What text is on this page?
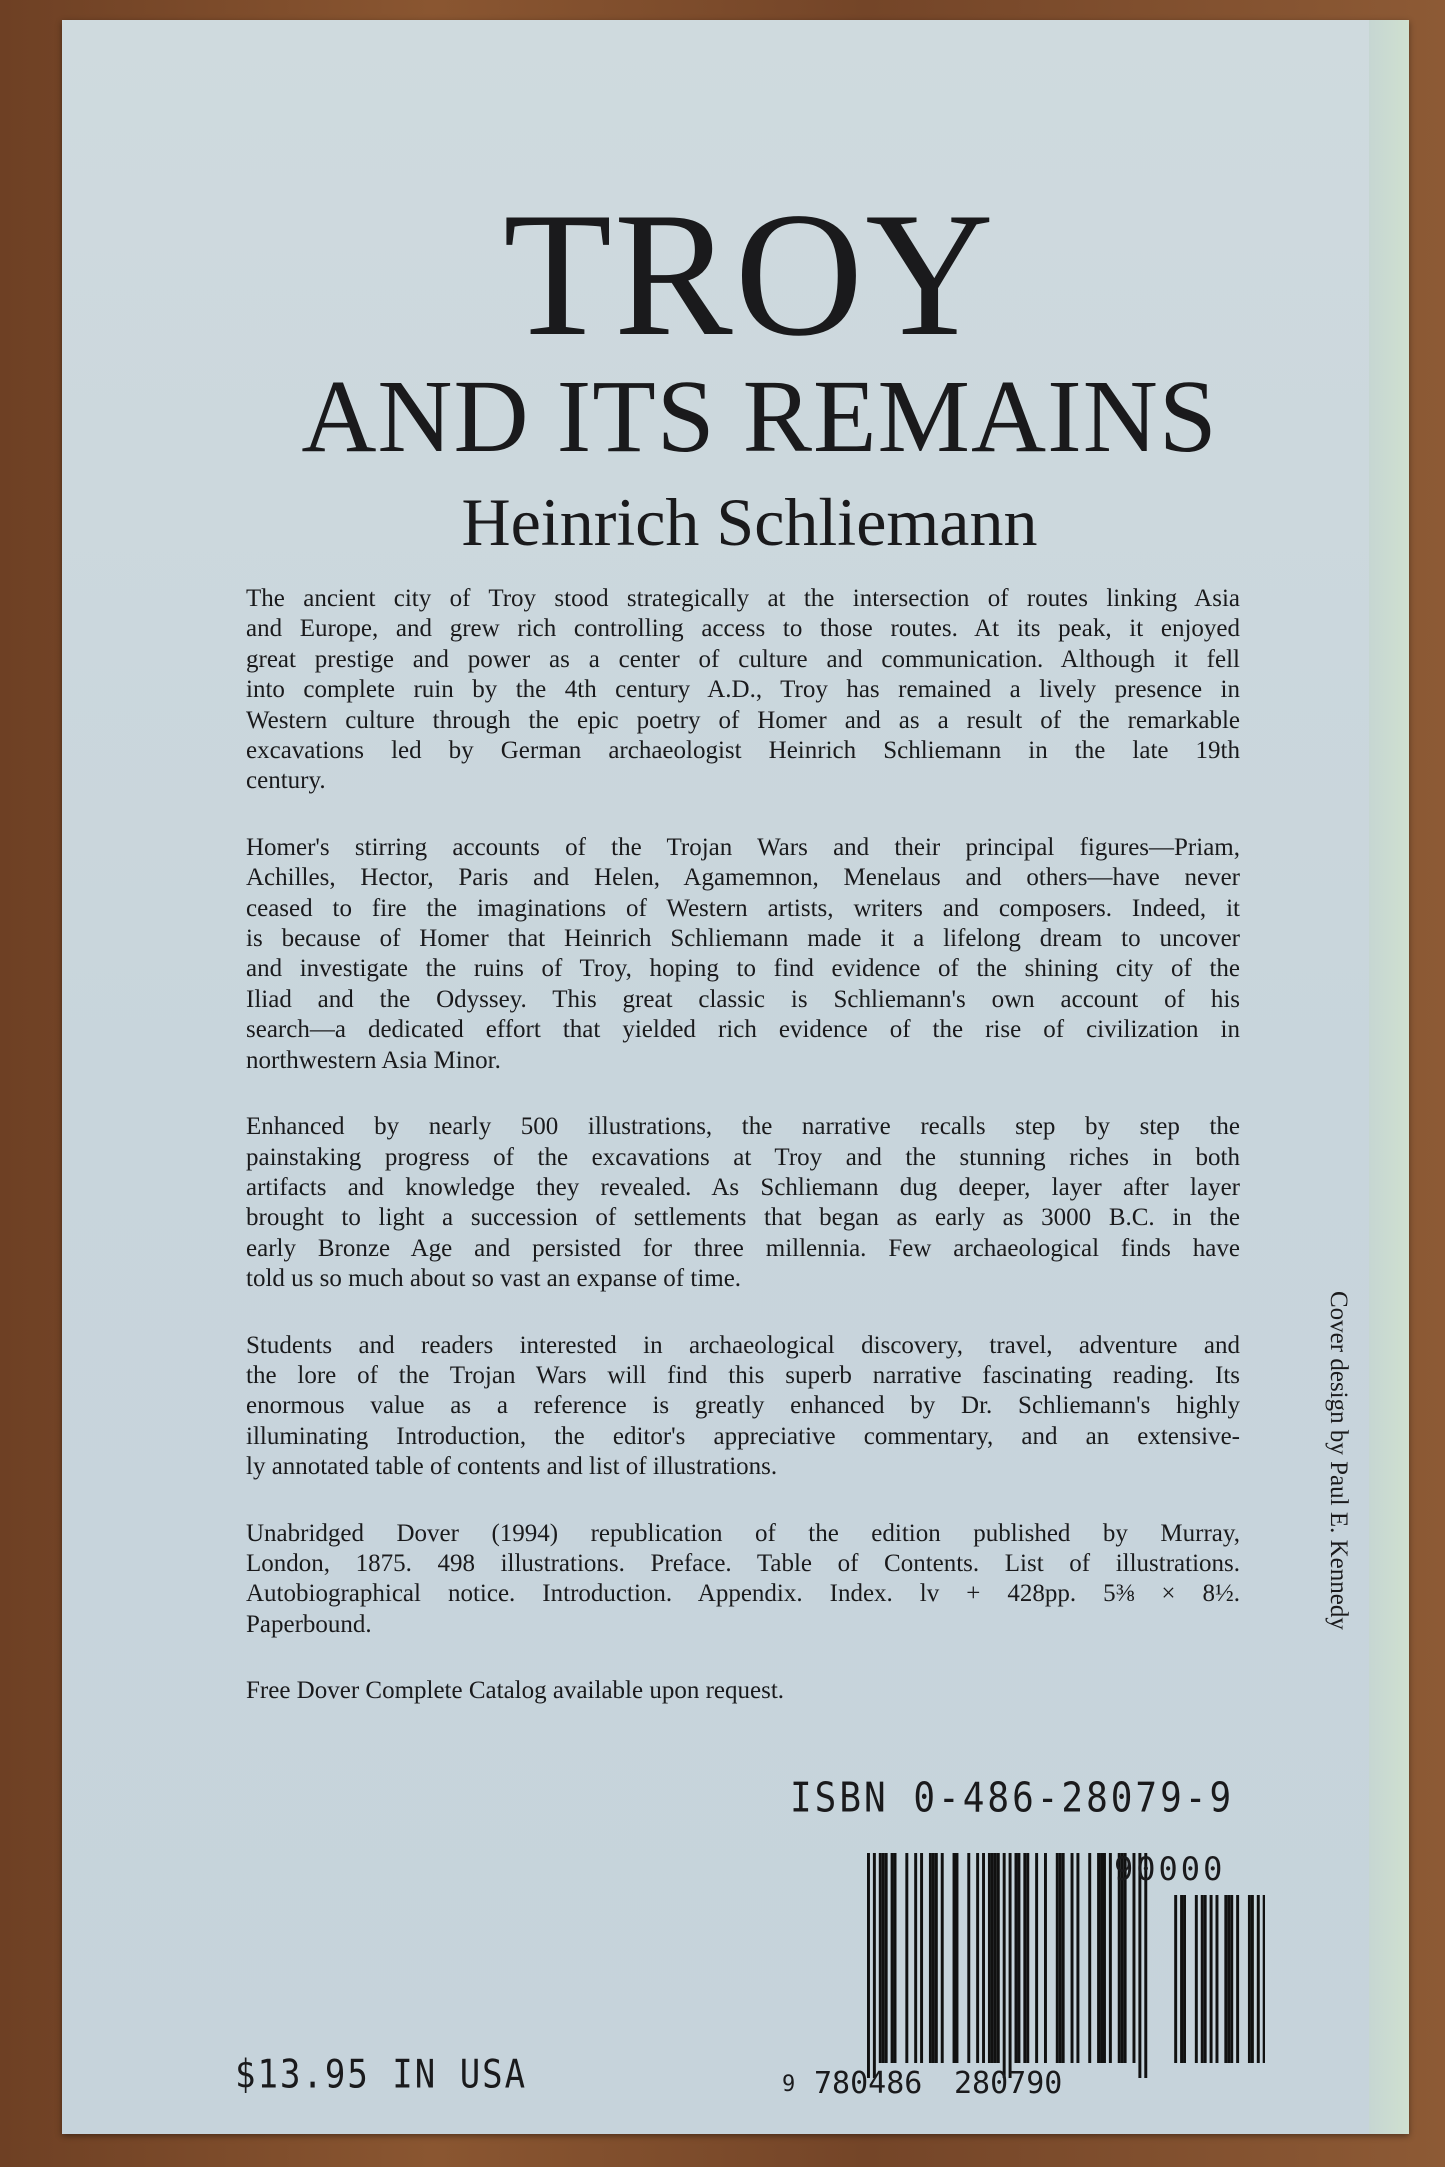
TROY
AND ITS REMAINS
Heinrich Schliemann
The ancient city of Troy stood strategically at the intersection of routes linking Asia
and Europe, and grew rich controlling access to those routes. At its peak, it enjoyed
great prestige and power as a center of culture and communication. Although it fell
into complete ruin by the 4th century A.D., Troy has remained a lively presence in
Western culture through the epic poetry of Homer and as a result of the remarkable
excavations led by German archaeologist Heinrich Schliemann in the late 19th
century.
Homer's stirring accounts of the Trojan Wars and their principal figures—Priam,
Achilles, Hector, Paris and Helen, Agamemnon, Menelaus and others—have never
ceased to fire the imaginations of Western artists, writers and composers. Indeed, it
is because of Homer that Heinrich Schliemann made it a lifelong dream to uncover
and investigate the ruins of Troy, hoping to find evidence of the shining city of the
Iliad and the Odyssey. This great classic is Schliemann's own account of his
search—a dedicated effort that yielded rich evidence of the rise of civilization in
northwestern Asia Minor.
Enhanced by nearly 500 illustrations, the narrative recalls step by step the
painstaking progress of the excavations at Troy and the stunning riches in both
artifacts and knowledge they revealed. As Schliemann dug deeper, layer after layer
brought to light a succession of settlements that began as early as 3000 B.C. in the
early Bronze Age and persisted for three millennia. Few archaeological finds have
told us so much about so vast an expanse of time.
Students and readers interested in archaeological discovery, travel, adventure and
the lore of the Trojan Wars will find this superb narrative fascinating reading. Its
enormous value as a reference is greatly enhanced by Dr. Schliemann's highly
illuminating Introduction, the editor's appreciative commentary, and an extensive-
ly annotated table of contents and list of illustrations.
Unabridged Dover (1994) republication of the edition published by Murray,
London, 1875. 498 illustrations. Preface. Table of Contents. List of illustrations.
Autobiographical notice. Introduction. Appendix. Index. lv + 428pp. 5⅜ × 8½.
Paperbound.
Free Dover Complete Catalog available upon request.
Cover design by Paul E. Kennedy
ISBN 0-486-28079-9
90000
9 780486 280790
$13.95 IN USA
